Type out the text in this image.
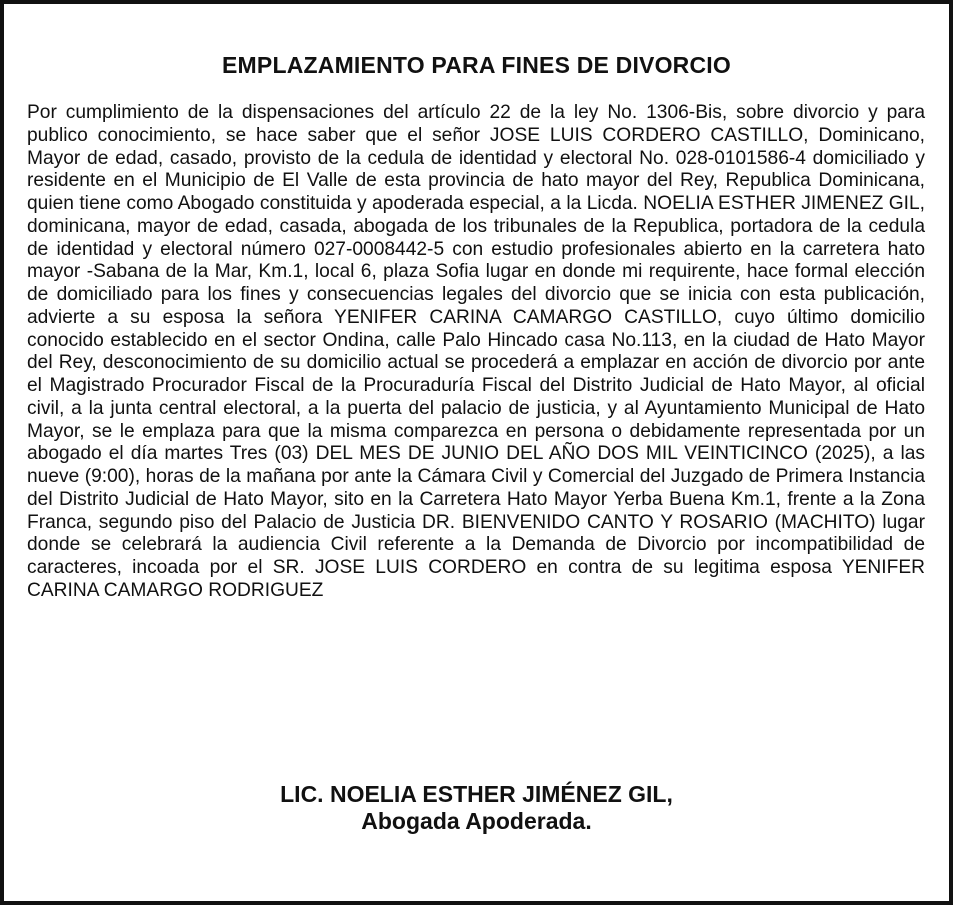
EMPLAZAMIENTO PARA FINES DE DIVORCIO

Por cumplimiento de la dispensaciones del artículo 22 de la ley No. 1306-Bis, sobre divorcio y para publico conocimiento, se hace saber que el señor JOSE LUIS CORDERO CASTILLO, Dominicano, Mayor de edad, casado, provisto de la cedula de identidad y electoral No. 028-0101586-4 domiciliado y residente en el Municipio de El Valle de esta provincia de hato mayor del Rey, Republica Dominicana, quien tiene como Abogado constituida y apoderada especial, a la Licda. NOELIA ESTHER JIMENEZ GIL, dominicana, mayor de edad, casada, abogada de los tribunales de la Republica, portadora de la cedula de identidad y electoral número 027-0008442-5 con estudio profesionales abierto en la carretera hato mayor -Sabana de la Mar, Km.1, local 6, plaza Sofia lugar en donde mi requirente, hace formal elección de domiciliado para los fines y consecuencias legales del divorcio que se inicia con esta publicación, advierte a su esposa la señora YENIFER CARINA CAMARGO CASTILLO, cuyo último domicilio conocido establecido en el sector Ondina, calle Palo Hincado casa No.113, en la ciudad de Hato Mayor del Rey, desconocimiento de su domicilio actual se procederá a emplazar en acción de divorcio por ante el Magistrado Procurador Fiscal de la Procuraduría Fiscal del Distrito Judicial de Hato Mayor, al oficial civil, a la junta central electoral, a la puerta del palacio de justicia, y al Ayuntamiento Municipal de Hato Mayor, se le emplaza para que la misma comparezca en persona o debidamente representada por un abogado el día martes Tres (03) DEL MES DE JUNIO DEL AÑO DOS MIL VEINTICINCO (2025), a las nueve (9:00), horas de la mañana por ante la Cámara Civil y Comercial del Juzgado de Primera Instancia del Distrito Judicial de Hato Mayor, sito en la Carretera Hato Mayor Yerba Buena Km.1, frente a la Zona Franca, segundo piso del Palacio de Justicia DR. BIENVENIDO CANTO Y ROSARIO (MACHITO) lugar donde se celebrará la audiencia Civil referente a la Demanda de Divorcio por incompatibilidad de caracteres, incoada por el SR. JOSE LUIS CORDERO en contra de su legitima esposa YENIFER CARINA CAMARGO RODRIGUEZ

LIC. NOELIA ESTHER JIMÉNEZ GIL,
Abogada Apoderada.
